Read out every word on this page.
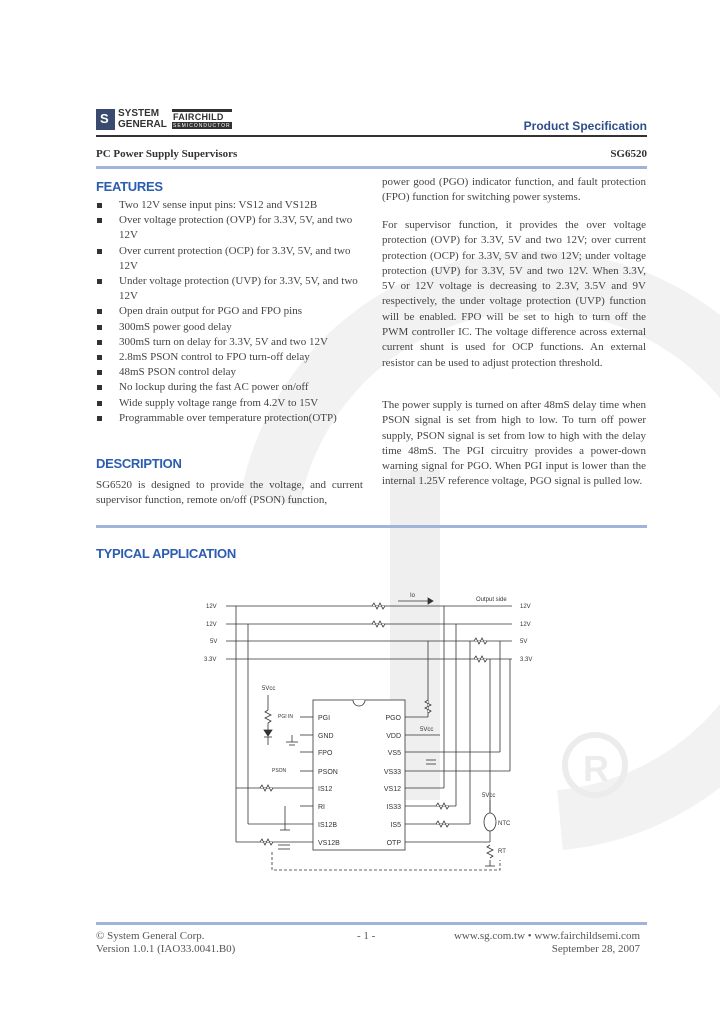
R
S SYSTEM
GENERAL
FAIRCHILD
SEMICONDUCTOR	Product Specification
PC Power Supply Supervisors	SG6520
FEATURES
Two 12V sense input pins: VS12 and VS12B
Over voltage protection (OVP) for 3.3V, 5V, and two 12V
Over current protection (OCP) for 3.3V, 5V, and two 12V
Under voltage protection (UVP) for 3.3V, 5V, and two 12V
Open drain output for PGO and FPO pins
300mS power good delay
300mS turn on delay for 3.3V, 5V and two 12V
2.8mS PSON control to FPO turn-off delay
48mS PSON control delay
No lockup during the fast AC power on/off
Wide supply voltage range from 4.2V to 15V
Programmable over temperature protection(OTP)
DESCRIPTION

SG6520 is designed to provide the voltage, and current supervisor function, remote on/off (PSON) function,

power good (PGO) indicator function, and fault protection (FPO) function for switching power systems.

For supervisor function, it provides the over voltage protection (OVP) for 3.3V, 5V and two 12V; over current protection (OCP) for 3.3V, 5V and two 12V; under voltage protection (UVP) for 3.3V, 5V and two 12V. When 3.3V, 5V or 12V voltage is decreasing to 2.3V, 3.5V and 9V respectively, the under voltage protection (UVP) function will be enabled. FPO will be set to high to turn off the PWM controller IC. The voltage difference across external current shunt is used for OCP functions. An external resistor can be used to adjust protection threshold.

The power supply is turned on after 48mS delay time when PSON signal is set from high to low. To turn off power supply, PSON signal is set from low to high with the delay time 48mS. The PGI circuitry provides a power-down warning signal for PGO. When PGI input is lower than the internal 1.25V reference voltage, PGO signal is pulled low.

TYPICAL APPLICATION
12V
12V
5V
3.3V
12V
12V
5V
3.3V
Io
Output side
5Vcc
5Vcc
5Vcc
PGI IN
PSON
NTC
RT
PGI
GND
FPO
PSON
IS12
RI
IS12B
VS12B
PGO
VDD
VS5
VS33
VS12
IS33
IS5
OTP
© System General Corp.
Version 1.0.1 (IAO33.0041.B0)
- 1 -	www.sg.com.tw • www.fairchildsemi.com
September 28, 2007
